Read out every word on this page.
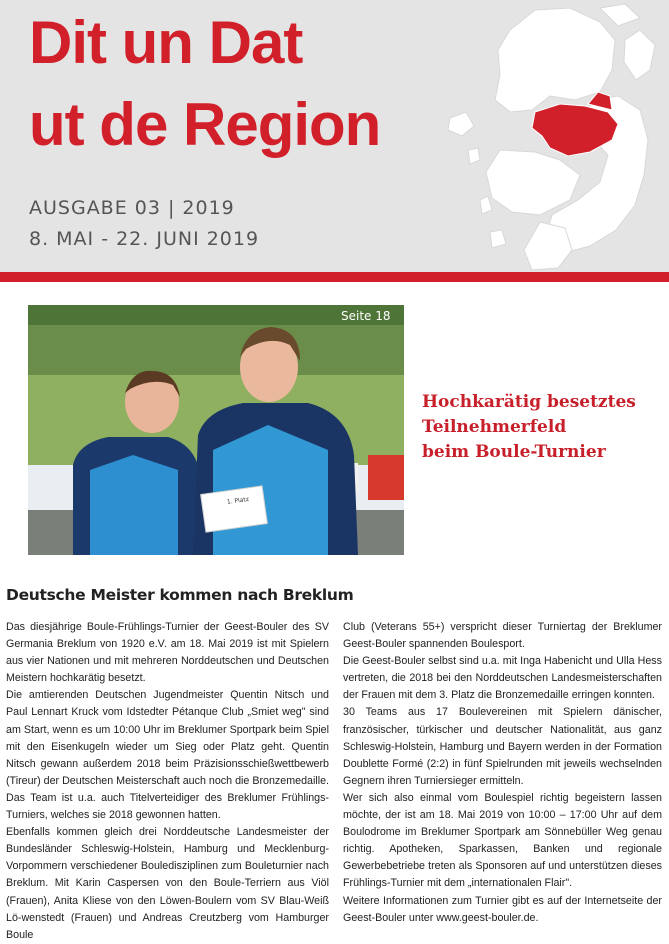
Dit un Dat
ut de Region
AUSGABE 03 | 2019
8. MAI - 22. JUNI 2019
1. Platz
Seite 18
Hochkarätig besetztes
Teilnehmerfeld
beim Boule-Turnier
Deutsche Meister kommen nach Breklum

Das diesjährige Boule-Frühlings-Turnier der Geest-Bouler des SV Germania Breklum von 1920 e.V. am 18. Mai 2019 ist mit Spielern aus vier Nationen und mit mehreren Norddeutschen und Deutschen Meistern hochkarätig besetzt.

Die amtierenden Deutschen Jugendmeister Quentin Nitsch und Paul Lennart Kruck vom Idstedter Pétanque Club „Smiet weg" sind am Start, wenn es um 10:00 Uhr im Breklumer Sportpark beim Spiel mit den Eisenkugeln wieder um Sieg oder Platz geht. Quentin Nitsch gewann außerdem 2018 beim Präzisionsschießwettbewerb (Tireur) der Deutschen Meisterschaft auch noch die Bronzemedaille. Das Team ist u.a. auch Titelverteidiger des Breklumer Frühlings-Turniers, welches sie 2018 gewonnen hatten.

Ebenfalls kommen gleich drei Norddeutsche Landesmeister der Bundesländer Schleswig-Holstein, Hamburg und Mecklenburg-Vorpommern verschiedener Bouledisziplinen zum Bouleturnier nach Breklum. Mit Karin Caspersen von den Boule-Terriern aus Viöl (Frauen), Anita Kliese von den Löwen-Boulern vom SV Blau-Weiß Lö-wenstedt (Frauen) und Andreas Creutzberg vom Hamburger Boule

Club (Veterans 55+) verspricht dieser Turniertag der Breklumer Geest-Bouler spannenden Boulesport.

Die Geest-Bouler selbst sind u.a. mit Inga Habenicht und Ulla Hess vertreten, die 2018 bei den Norddeutschen Landesmeisterschaften der Frauen mit dem 3. Platz die Bronzemedaille erringen konnten.

30 Teams aus 17 Boulevereinen mit Spielern dänischer, französischer, türkischer und deutscher Nationalität, aus ganz Schleswig-Holstein, Hamburg und Bayern werden in der Formation Doublette Formé (2:2) in fünf Spielrunden mit jeweils wechselnden Gegnern ihren Turniersieger ermitteln.

Wer sich also einmal vom Boulespiel richtig begeistern lassen möchte, der ist am 18. Mai 2019 von 10:00 – 17:00 Uhr auf dem Boulodrome im Breklumer Sportpark am Sönnebüller Weg genau richtig. Apotheken, Sparkassen, Banken und regionale Gewerbebetriebe treten als Sponsoren auf und unterstützen dieses Frühlings-Turnier mit dem „internationalen Flair".

Weitere Informationen zum Turnier gibt es auf der Internetseite der Geest-Bouler unter www.geest-bouler.de.
